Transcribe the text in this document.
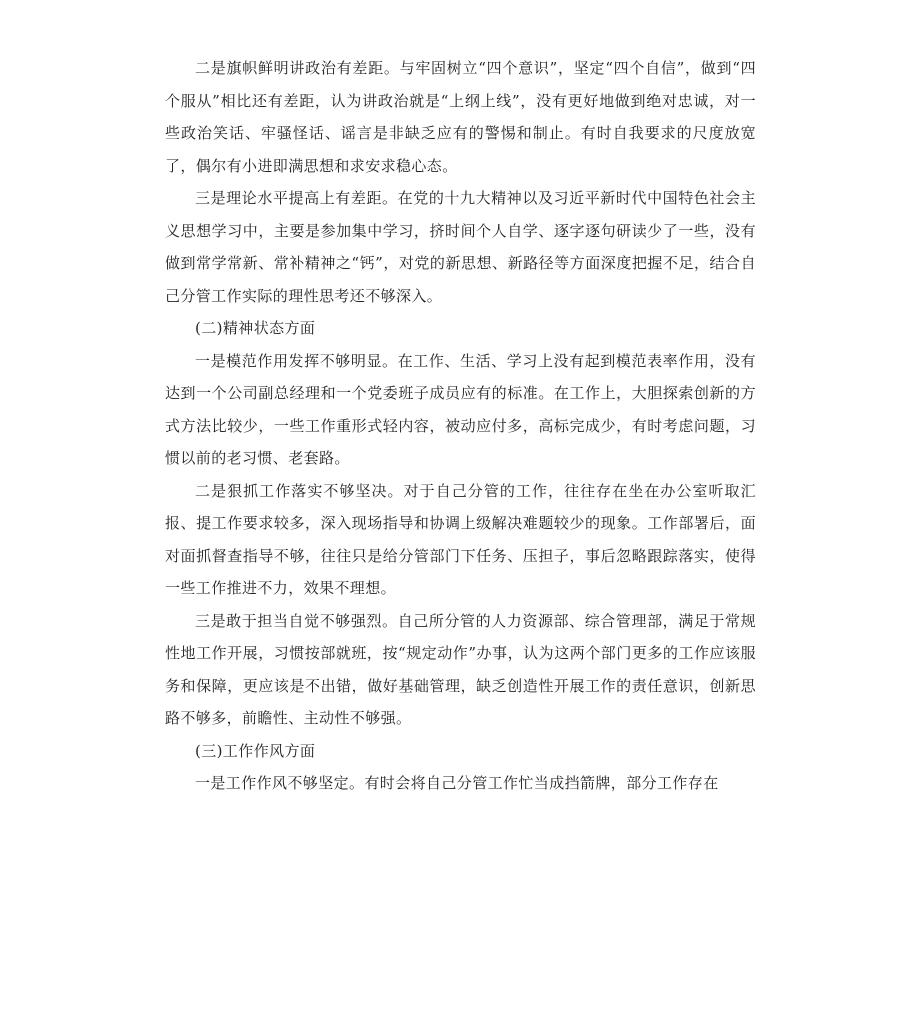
二是旗帜鲜明讲政治有差距。与牢固树立“四个意识”，坚定“四个自信”，做到“四个服从”相比还有差距，认为讲政治就是“上纲上线”，没有更好地做到绝对忠诚，对一些政治笑话、牢骚怪话、谣言是非缺乏应有的警惕和制止。有时自我要求的尺度放宽了，偶尔有小进即满思想和求安求稳心态。

三是理论水平提高上有差距。在党的十九大精神以及习近平新时代中国特色社会主义思想学习中，主要是参加集中学习，挤时间个人自学、逐字逐句研读少了一些，没有做到常学常新、常补精神之“钙”，对党的新思想、新路径等方面深度把握不足，结合自己分管工作实际的理性思考还不够深入。

(二)精神状态方面

一是模范作用发挥不够明显。在工作、生活、学习上没有起到模范表率作用，没有达到一个公司副总经理和一个党委班子成员应有的标准。在工作上，大胆探索创新的方式方法比较少，一些工作重形式轻内容，被动应付多，高标完成少，有时考虑问题，习惯以前的老习惯、老套路。

二是狠抓工作落实不够坚决。对于自己分管的工作，往往存在坐在办公室听取汇报、提工作要求较多，深入现场指导和协调上级解决难题较少的现象。工作部署后，面对面抓督查指导不够，往往只是给分管部门下任务、压担子，事后忽略跟踪落实，使得一些工作推进不力，效果不理想。

三是敢于担当自觉不够强烈。自己所分管的人力资源部、综合管理部，满足于常规性地工作开展，习惯按部就班，按“规定动作”办事，认为这两个部门更多的工作应该服务和保障，更应该是不出错，做好基础管理，缺乏创造性开展工作的责任意识，创新思路不够多，前瞻性、主动性不够强。

(三)工作作风方面

一是工作作风不够坚定。有时会将自己分管工作忙当成挡箭牌，部分工作存在
